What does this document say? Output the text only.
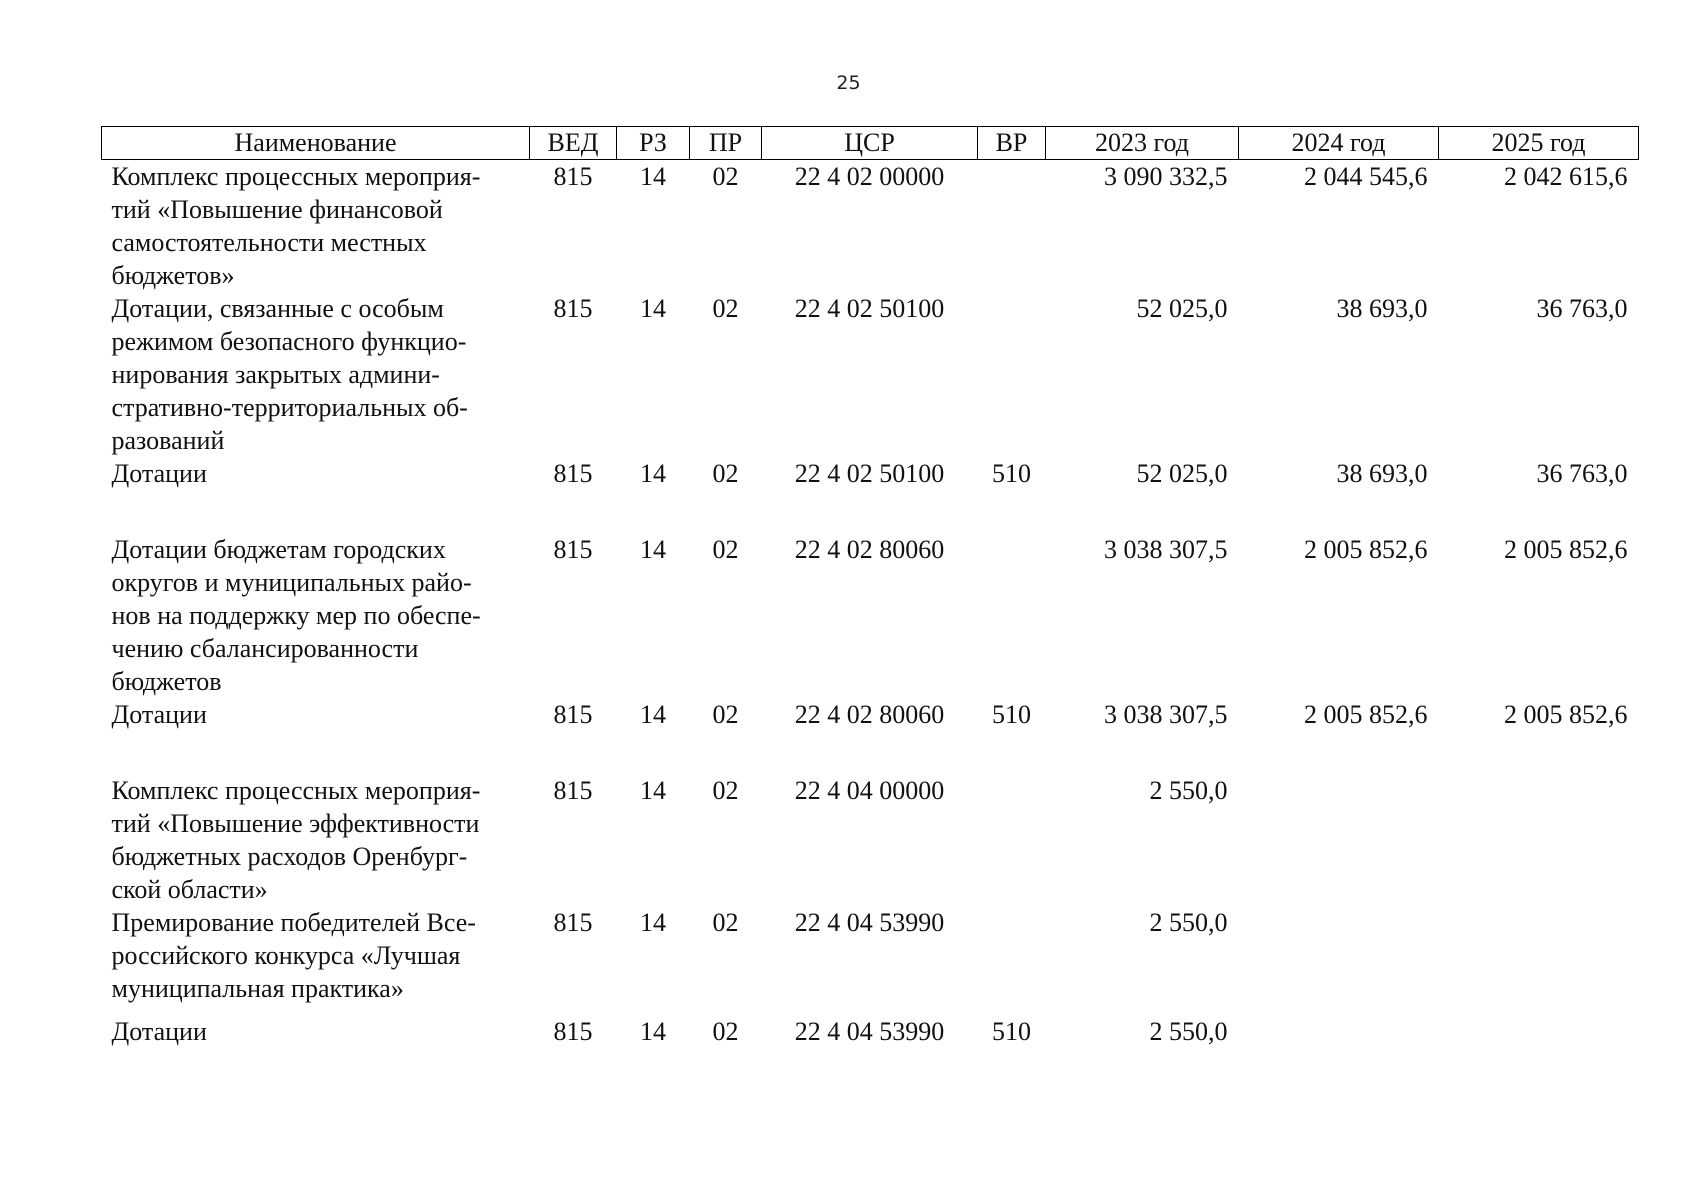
25
Наименование	ВЕД	РЗ	ПР	ЦСР	ВР	2023 год	2024 год	2025 год
Комплекс процессных мероприя-
тий «Повышение финансовой
самостоятельности местных
бюджетов»	815	14	02	22 4 02 00000		3 090 332,5	2 044 545,6	2 042 615,6
Дотации, связанные с особым
режимом безопасного функцио-
нирования закрытых админи-
стративно-территориальных об-
разований	815	14	02	22 4 02 50100		52 025,0	38 693,0	36 763,0
Дотации	815	14	02	22 4 02 50100	510	52 025,0	38 693,0	36 763,0
Дотации бюджетам городских
округов и муниципальных райо-
нов на поддержку мер по обеспе-
чению сбалансированности
бюджетов	815	14	02	22 4 02 80060		3 038 307,5	2 005 852,6	2 005 852,6
Дотации	815	14	02	22 4 02 80060	510	3 038 307,5	2 005 852,6	2 005 852,6
Комплекс процессных мероприя-
тий «Повышение эффективности
бюджетных расходов Оренбург-
ской области»	815	14	02	22 4 04 00000		2 550,0		
Премирование победителей Все-
российского конкурса «Лучшая
муниципальная практика»	815	14	02	22 4 04 53990		2 550,0		
Дотации	815	14	02	22 4 04 53990	510	2 550,0		
